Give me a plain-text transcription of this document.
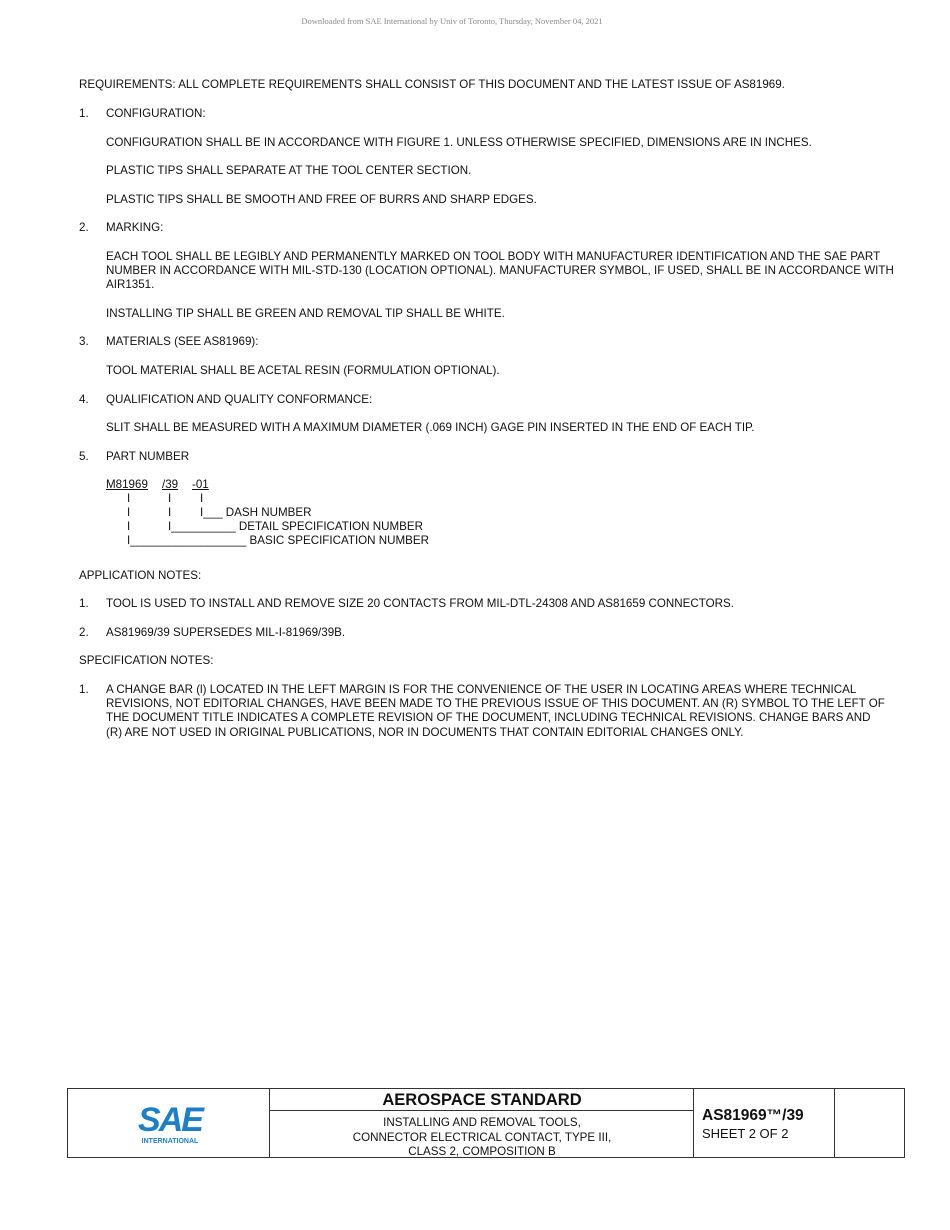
Downloaded from SAE International by Univ of Toronto, Thursday, November 04, 2021

REQUIREMENTS: ALL COMPLETE REQUIREMENTS SHALL CONSIST OF THIS DOCUMENT AND THE LATEST ISSUE OF AS81969.

1. CONFIGURATION:

CONFIGURATION SHALL BE IN ACCORDANCE WITH FIGURE 1. UNLESS OTHERWISE SPECIFIED, DIMENSIONS ARE IN INCHES.

PLASTIC TIPS SHALL SEPARATE AT THE TOOL CENTER SECTION.

PLASTIC TIPS SHALL BE SMOOTH AND FREE OF BURRS AND SHARP EDGES.

2. MARKING:

EACH TOOL SHALL BE LEGIBLY AND PERMANENTLY MARKED ON TOOL BODY WITH MANUFACTURER IDENTIFICATION AND THE SAE PART NUMBER IN ACCORDANCE WITH MIL-STD-130 (LOCATION OPTIONAL). MANUFACTURER SYMBOL, IF USED, SHALL BE IN ACCORDANCE WITH AIR1351.

INSTALLING TIP SHALL BE GREEN AND REMOVAL TIP SHALL BE WHITE.

3. MATERIALS (SEE AS81969):

TOOL MATERIAL SHALL BE ACETAL RESIN (FORMULATION OPTIONAL).

4. QUALIFICATION AND QUALITY CONFORMANCE:

SLIT SHALL BE MEASURED WITH A MAXIMUM DIAMETER (.069 INCH) GAGE PIN INSERTED IN THE END OF EACH TIP.

5. PART NUMBER

M81969 /39 -01
I	I I
I	I I___ DASH NUMBER
I	I__________ DETAIL SPECIFICATION NUMBER
I__________________ BASIC SPECIFICATION NUMBER

APPLICATION NOTES:

1. TOOL IS USED TO INSTALL AND REMOVE SIZE 20 CONTACTS FROM MIL-DTL-24308 AND AS81659 CONNECTORS.

2. AS81969/39 SUPERSEDES MIL-I-81969/39B.

SPECIFICATION NOTES:

1. A CHANGE BAR (l) LOCATED IN THE LEFT MARGIN IS FOR THE CONVENIENCE OF THE USER IN LOCATING AREAS WHERE TECHNICAL REVISIONS, NOT EDITORIAL CHANGES, HAVE BEEN MADE TO THE PREVIOUS ISSUE OF THIS DOCUMENT. AN (R) SYMBOL TO THE LEFT OF THE DOCUMENT TITLE INDICATES A COMPLETE REVISION OF THE DOCUMENT, INCLUDING TECHNICAL REVISIONS. CHANGE BARS AND (R) ARE NOT USED IN ORIGINAL PUBLICATIONS, NOR IN DOCUMENTS THAT CONTAIN EDITORIAL CHANGES ONLY.

SAE
INTERNATIONAL
AEROSPACE STANDARD
INSTALLING AND REMOVAL TOOLS,
CONNECTOR ELECTRICAL CONTACT, TYPE III,
CLASS 2, COMPOSITION B
AS81969™/39
SHEET 2 OF 2
